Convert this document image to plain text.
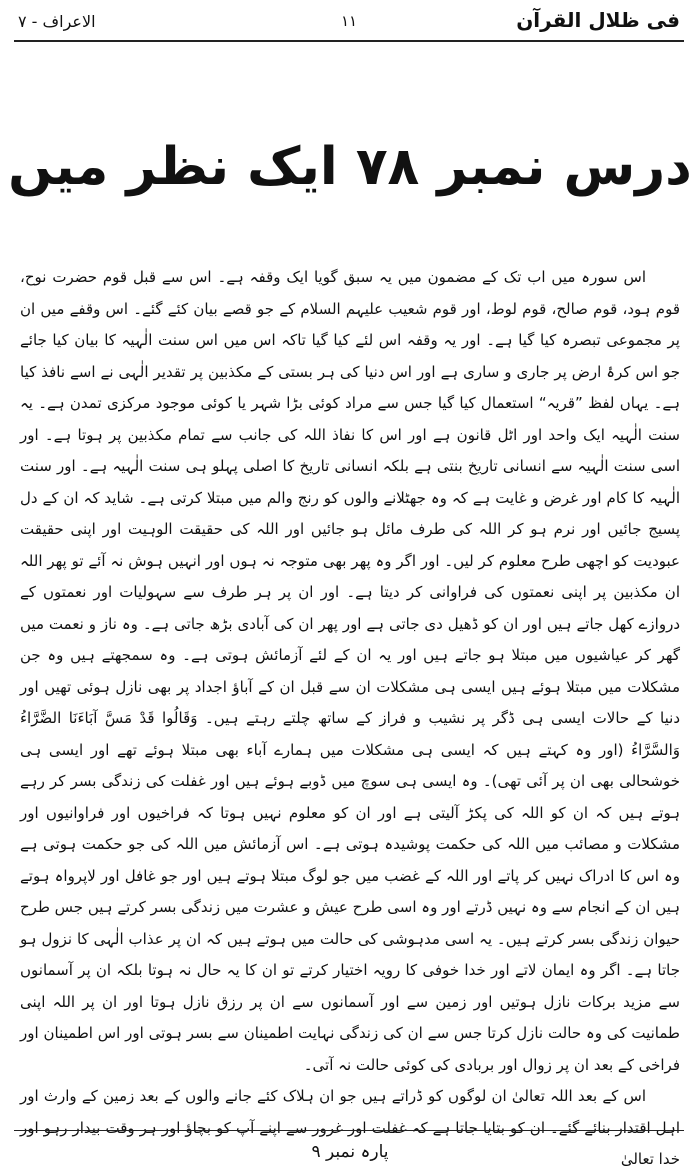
فی ظلال القرآن
۱۱
الاعراف - ۷
درس نمبر ۷۸ ایک نظر میں

اس سورہ میں اب تک کے مضمون میں یہ سبق گویا ایک وقفہ ہے۔ اس سے قبل قوم حضرت نوح، قوم ہود، قوم صالح، قوم لوط، اور قوم شعیب علیہم السلام کے جو قصے بیان کئے گئے۔ اس وقفے میں ان پر مجموعی تبصرہ کیا گیا ہے۔ اور یہ وقفہ اس لئے کیا گیا تاکہ اس میں اس سنت الٰہیہ کا بیان کیا جائے جو اس کرۂ ارض پر جاری و ساری ہے اور اس دنیا کی ہر بستی کے مکذبین پر تقدیر الٰہی نے اسے نافذ کیا ہے۔ یہاں لفظ ”قریہ“ استعمال کیا گیا جس سے مراد کوئی بڑا شہر یا کوئی موجود مرکزی تمدن ہے۔ یہ سنت الٰہیہ ایک واحد اور اٹل قانون ہے اور اس کا نفاذ اللہ کی جانب سے تمام مکذبین پر ہوتا ہے۔ اور اسی سنت الٰہیہ سے انسانی تاریخ بنتی ہے بلکہ انسانی تاریخ کا اصلی پہلو ہی سنت الٰہیہ ہے۔ اور سنت الٰہیہ کا کام اور غرض و غایت ہے کہ وہ جھٹلانے والوں کو رنج والم میں مبتلا کرتی ہے۔ شاید کہ ان کے دل پسیج جائیں اور نرم ہو کر اللہ کی طرف مائل ہو جائیں اور اللہ کی حقیقت الوہیت اور اپنی حقیقت عبودیت کو اچھی طرح معلوم کر لیں۔ اور اگر وہ پھر بھی متوجہ نہ ہوں اور انہیں ہوش نہ آئے تو پھر اللہ ان مکذبین پر اپنی نعمتوں کی فراوانی کر دیتا ہے۔ اور ان پر ہر طرف سے سہولیات اور نعمتوں کے دروازے کھل جاتے ہیں اور ان کو ڈھیل دی جاتی ہے اور پھر ان کی آبادی بڑھ جاتی ہے۔ وہ ناز و نعمت میں گھر کر عیاشیوں میں مبتلا ہو جاتے ہیں اور یہ ان کے لئے آزمائش ہوتی ہے۔ وہ سمجھتے ہیں وہ جن مشکلات میں مبتلا ہوئے ہیں ایسی ہی مشکلات ان سے قبل ان کے آباؤ اجداد پر بھی نازل ہوئی تھیں اور دنیا کے حالات ایسی ہی ڈگر پر نشیب و فراز کے ساتھ چلتے رہتے ہیں۔ وَقَالُوا قَدْ مَسَّ آبَاءَنَا الضَّرَّاءُ وَالسَّرَّاءُ (اور وہ کہتے ہیں کہ ایسی ہی مشکلات میں ہمارے آباء بھی مبتلا ہوئے تھے اور ایسی ہی خوشحالی بھی ان پر آئی تھی)۔ وہ ایسی ہی سوچ میں ڈوبے ہوئے ہیں اور غفلت کی زندگی بسر کر رہے ہوتے ہیں کہ ان کو اللہ کی پکڑ آلیتی ہے اور ان کو معلوم نہیں ہوتا کہ فراخیوں اور فراوانیوں اور مشکلات و مصائب میں اللہ کی حکمت پوشیدہ ہوتی ہے۔ اس آزمائش میں اللہ کی جو حکمت ہوتی ہے وہ اس کا ادراک نہیں کر پاتے اور اللہ کے غضب میں جو لوگ مبتلا ہوتے ہیں اور جو غافل اور لاپرواہ ہوتے ہیں ان کے انجام سے وہ نہیں ڈرتے اور وہ اسی طرح عیش و عشرت میں زندگی بسر کرتے ہیں جس طرح حیوان زندگی بسر کرتے ہیں۔ یہ اسی مدہوشی کی حالت میں ہوتے ہیں کہ ان پر عذاب الٰہی کا نزول ہو جاتا ہے۔ اگر وہ ایمان لاتے اور خدا خوفی کا رویہ اختیار کرتے تو ان کا یہ حال نہ ہوتا بلکہ ان پر آسمانوں سے مزید برکات نازل ہوتیں اور زمین سے اور آسمانوں سے ان پر رزق نازل ہوتا اور ان پر اللہ اپنی طمانیت کی وہ حالت نازل کرتا جس سے ان کی زندگی نہایت اطمینان سے بسر ہوتی اور اس اطمینان اور فراخی کے بعد ان پر زوال اور بربادی کی کوئی حالت نہ آتی۔

اس کے بعد اللہ تعالیٰ ان لوگوں کو ڈراتے ہیں جو ان ہلاک کئے جانے والوں کے بعد زمین کے وارث اور اہل اقتدار بنائے گئے۔ ان کو بتایا جاتا ہے کہ غفلت اور غرور سے اپنے آپ کو بچاؤ اور ہر وقت بیدار رہو اور خدا تعالیٰ

پارہ نمبر ۹
